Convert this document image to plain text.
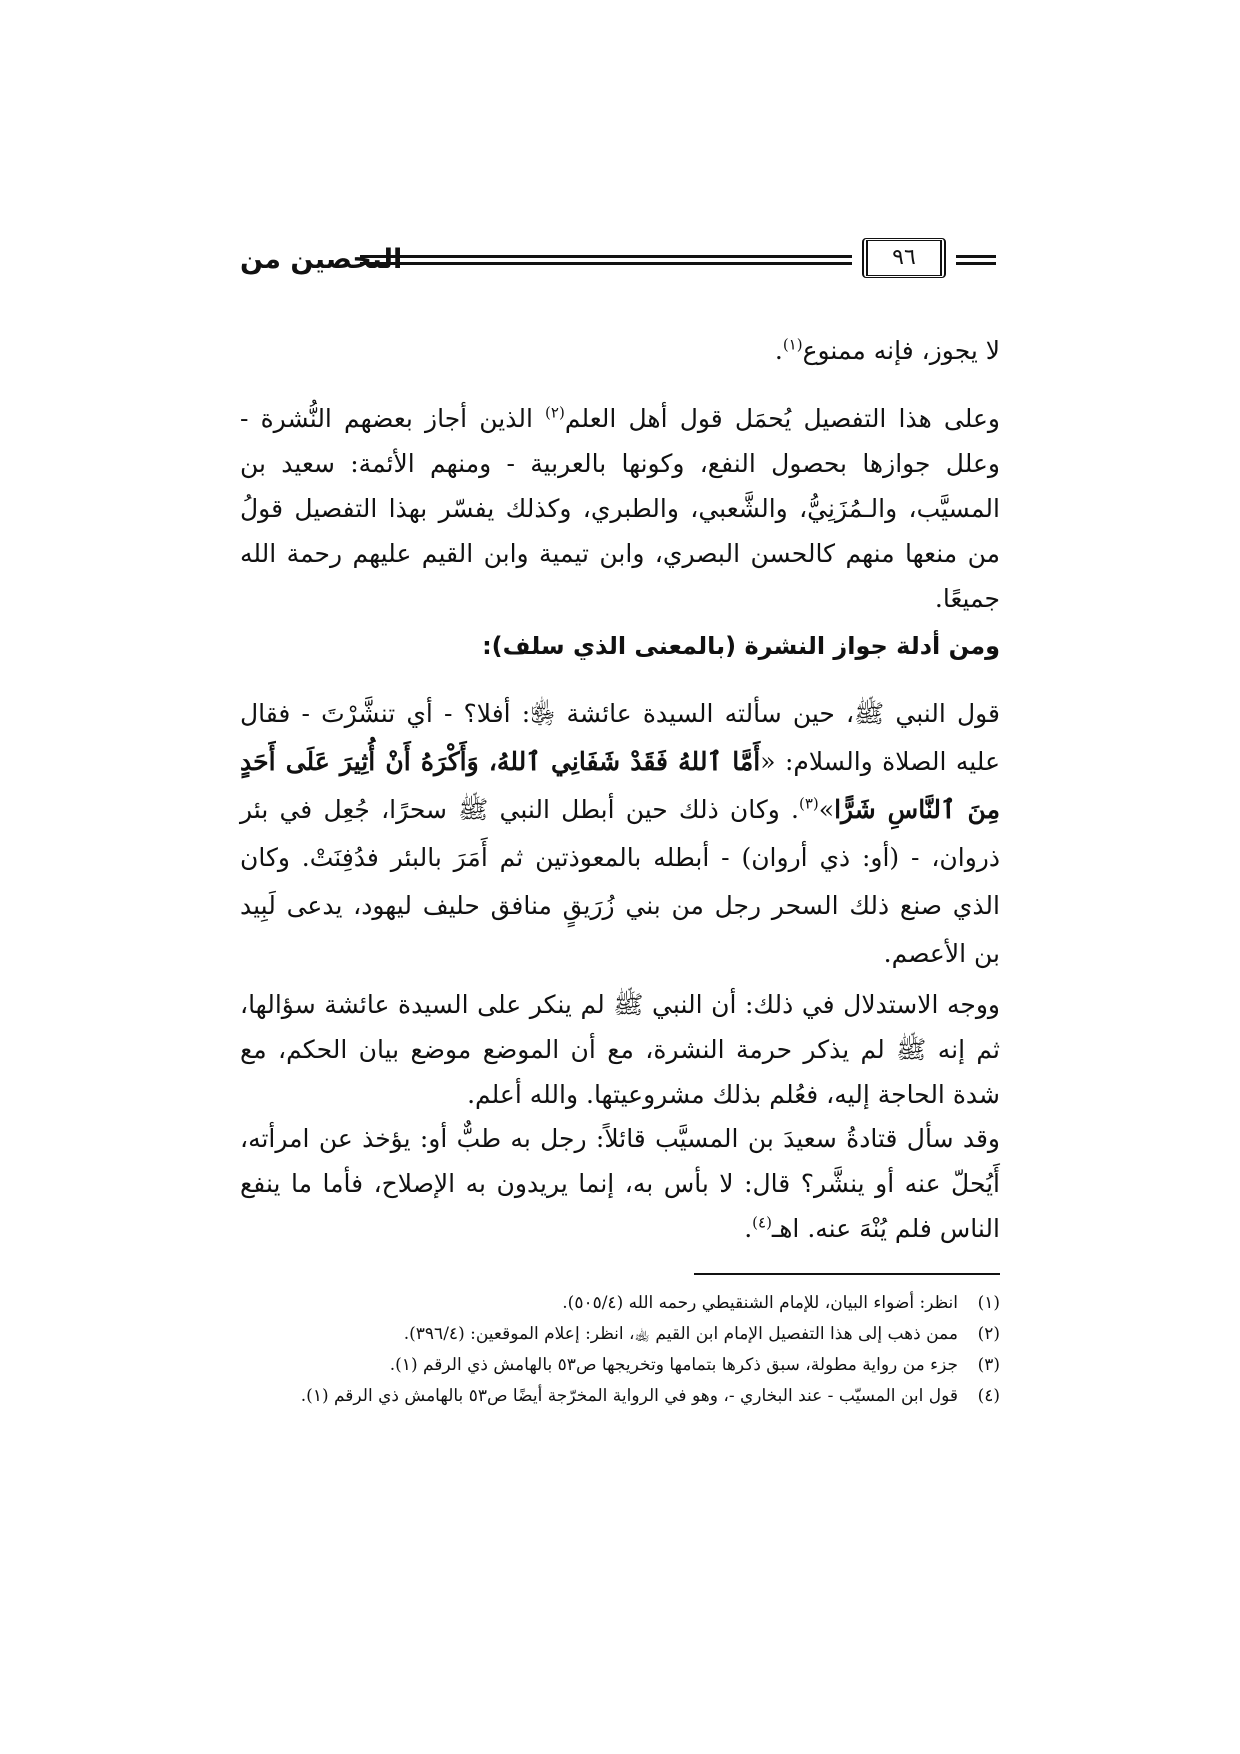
التحصين من	٩٦
لا يجوز، فإنه ممنوع$^{(١)}$.
وعلى هذا التفصيل يُحمَل قول أهل العلم$^{(٢)}$ الذين أجاز بعضهم النُّشرة - وعلل جوازها بحصول النفع، وكونها بالعربية - ومنهم الأئمة: سعيد بن المسيَّب، والـمُزَنِيُّ، والشَّعبي، والطبري، وكذلك يفسّر بهذا التفصيل قولُ من منعها منهم كالحسن البصري، وابن تيمية وابن القيم عليهم رحمة الله جميعًا.
ومن أدلة جواز النشرة (بالمعنى الذي سلف):
قول النبي ﷺ، حين سألته السيدة عائشة ﵂: أفلا؟ - أي تنشَّرْتَ - فقال عليه الصلاة والسلام: «أَمَّا ٱللهُ فَقَدْ شَفَانِي ٱللهُ، وَأَكْرَهُ أَنْ أُثِيرَ عَلَى أَحَدٍ مِنَ ٱلنَّاسِ شَرًّا»$^{(٣)}$. وكان ذلك حين أبطل النبي ﷺ سحرًا، جُعِل في بئر ذروان، - (أو: ذي أروان) - أبطله بالمعوذتين ثم أَمَرَ بالبئر فدُفِنَتْ. وكان الذي صنع ذلك السحر رجل من بني زُرَيقٍ منافق حليف ليهود، يدعى لَبِيد بن الأعصم.
ووجه الاستدلال في ذلك: أن النبي ﷺ لم ينكر على السيدة عائشة سؤالها، ثم إنه ﷺ لم يذكر حرمة النشرة، مع أن الموضع موضع بيان الحكم، مع شدة الحاجة إليه، فعُلم بذلك مشروعيتها. والله أعلم.
وقد سأل قتادةُ سعيدَ بن المسيَّب قائلاً: رجل به طبٌّ أو: يؤخذ عن امرأته، أَيُحلّ عنه أو ينشَّر؟ قال: لا بأس به، إنما يريدون به الإصلاح، فأما ما ينفع الناس فلم يُنْهَ عنه. اهـ$^{(٤)}$.
(١)انظر: أضواء البيان، للإمام الشنقيطي رحمه الله (٥٠٥/٤).
(٢)ممن ذهب إلى هذا التفصيل الإمام ابن القيم ﵀، انظر: إعلام الموقعين: (٣٩٦/٤).
(٣)جزء من رواية مطولة، سبق ذكرها بتمامها وتخريجها ص٥٣ بالهامش ذي الرقم (١).
(٤)قول ابن المسيّب - عند البخاري -، وهو في الرواية المخرّجة أيضًا ص٥٣ بالهامش ذي الرقم (١).
